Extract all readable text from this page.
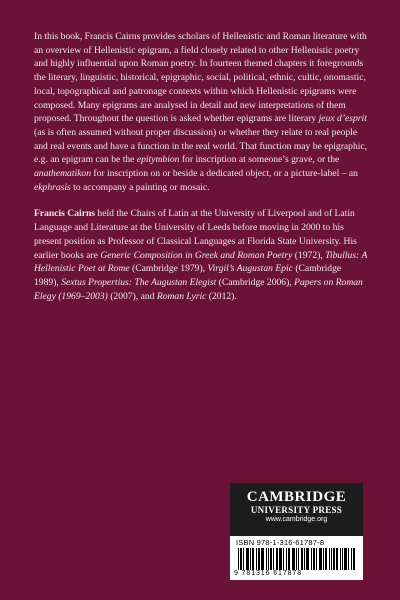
In this book, Francis Cairns provides scholars of Hellenistic and Roman literature with an overview of Hellenistic epigram, a field closely related to other Hellenistic poetry and highly influential upon Roman poetry. In fourteen themed chapters it foregrounds the literary, linguistic, historical, epigraphic, social, political, ethnic, cultic, onomastic, local, topographical and patronage contexts within which Hellenistic epigrams were composed. Many epigrams are analysed in detail and new interpretations of them proposed. Throughout the question is asked whether epigrams are literary jeux d’esprit (as is often assumed without proper discussion) or whether they relate to real people and real events and have a function in the real world. That function may be epigraphic, e.g. an epigram can be the epitymbion for inscription at someone’s grave, or the anathematikon for inscription on or beside a dedicated object, or a picture-label – an ekphrasis to accompany a painting or mosaic.

Francis Cairns held the Chairs of Latin at the University of Liverpool and of Latin Language and Literature at the University of Leeds before moving in 2000 to his present position as Professor of Classical Languages at Florida State University. His earlier books are Generic Composition in Greek and Roman Poetry (1972), Tibullus: A Hellenistic Poet at Rome (Cambridge 1979), Virgil’s Augustan Epic (Cambridge 1989), Sextus Propertius: The Augustan Elegist (Cambridge 2006), Papers on Roman Elegy (1969–2003) (2007), and Roman Lyric (2012).

CAMBRIDGE
UNIVERSITY PRESS
www.cambridge.org
ISBN 978-1-316-61787-8
9 781316 617878
